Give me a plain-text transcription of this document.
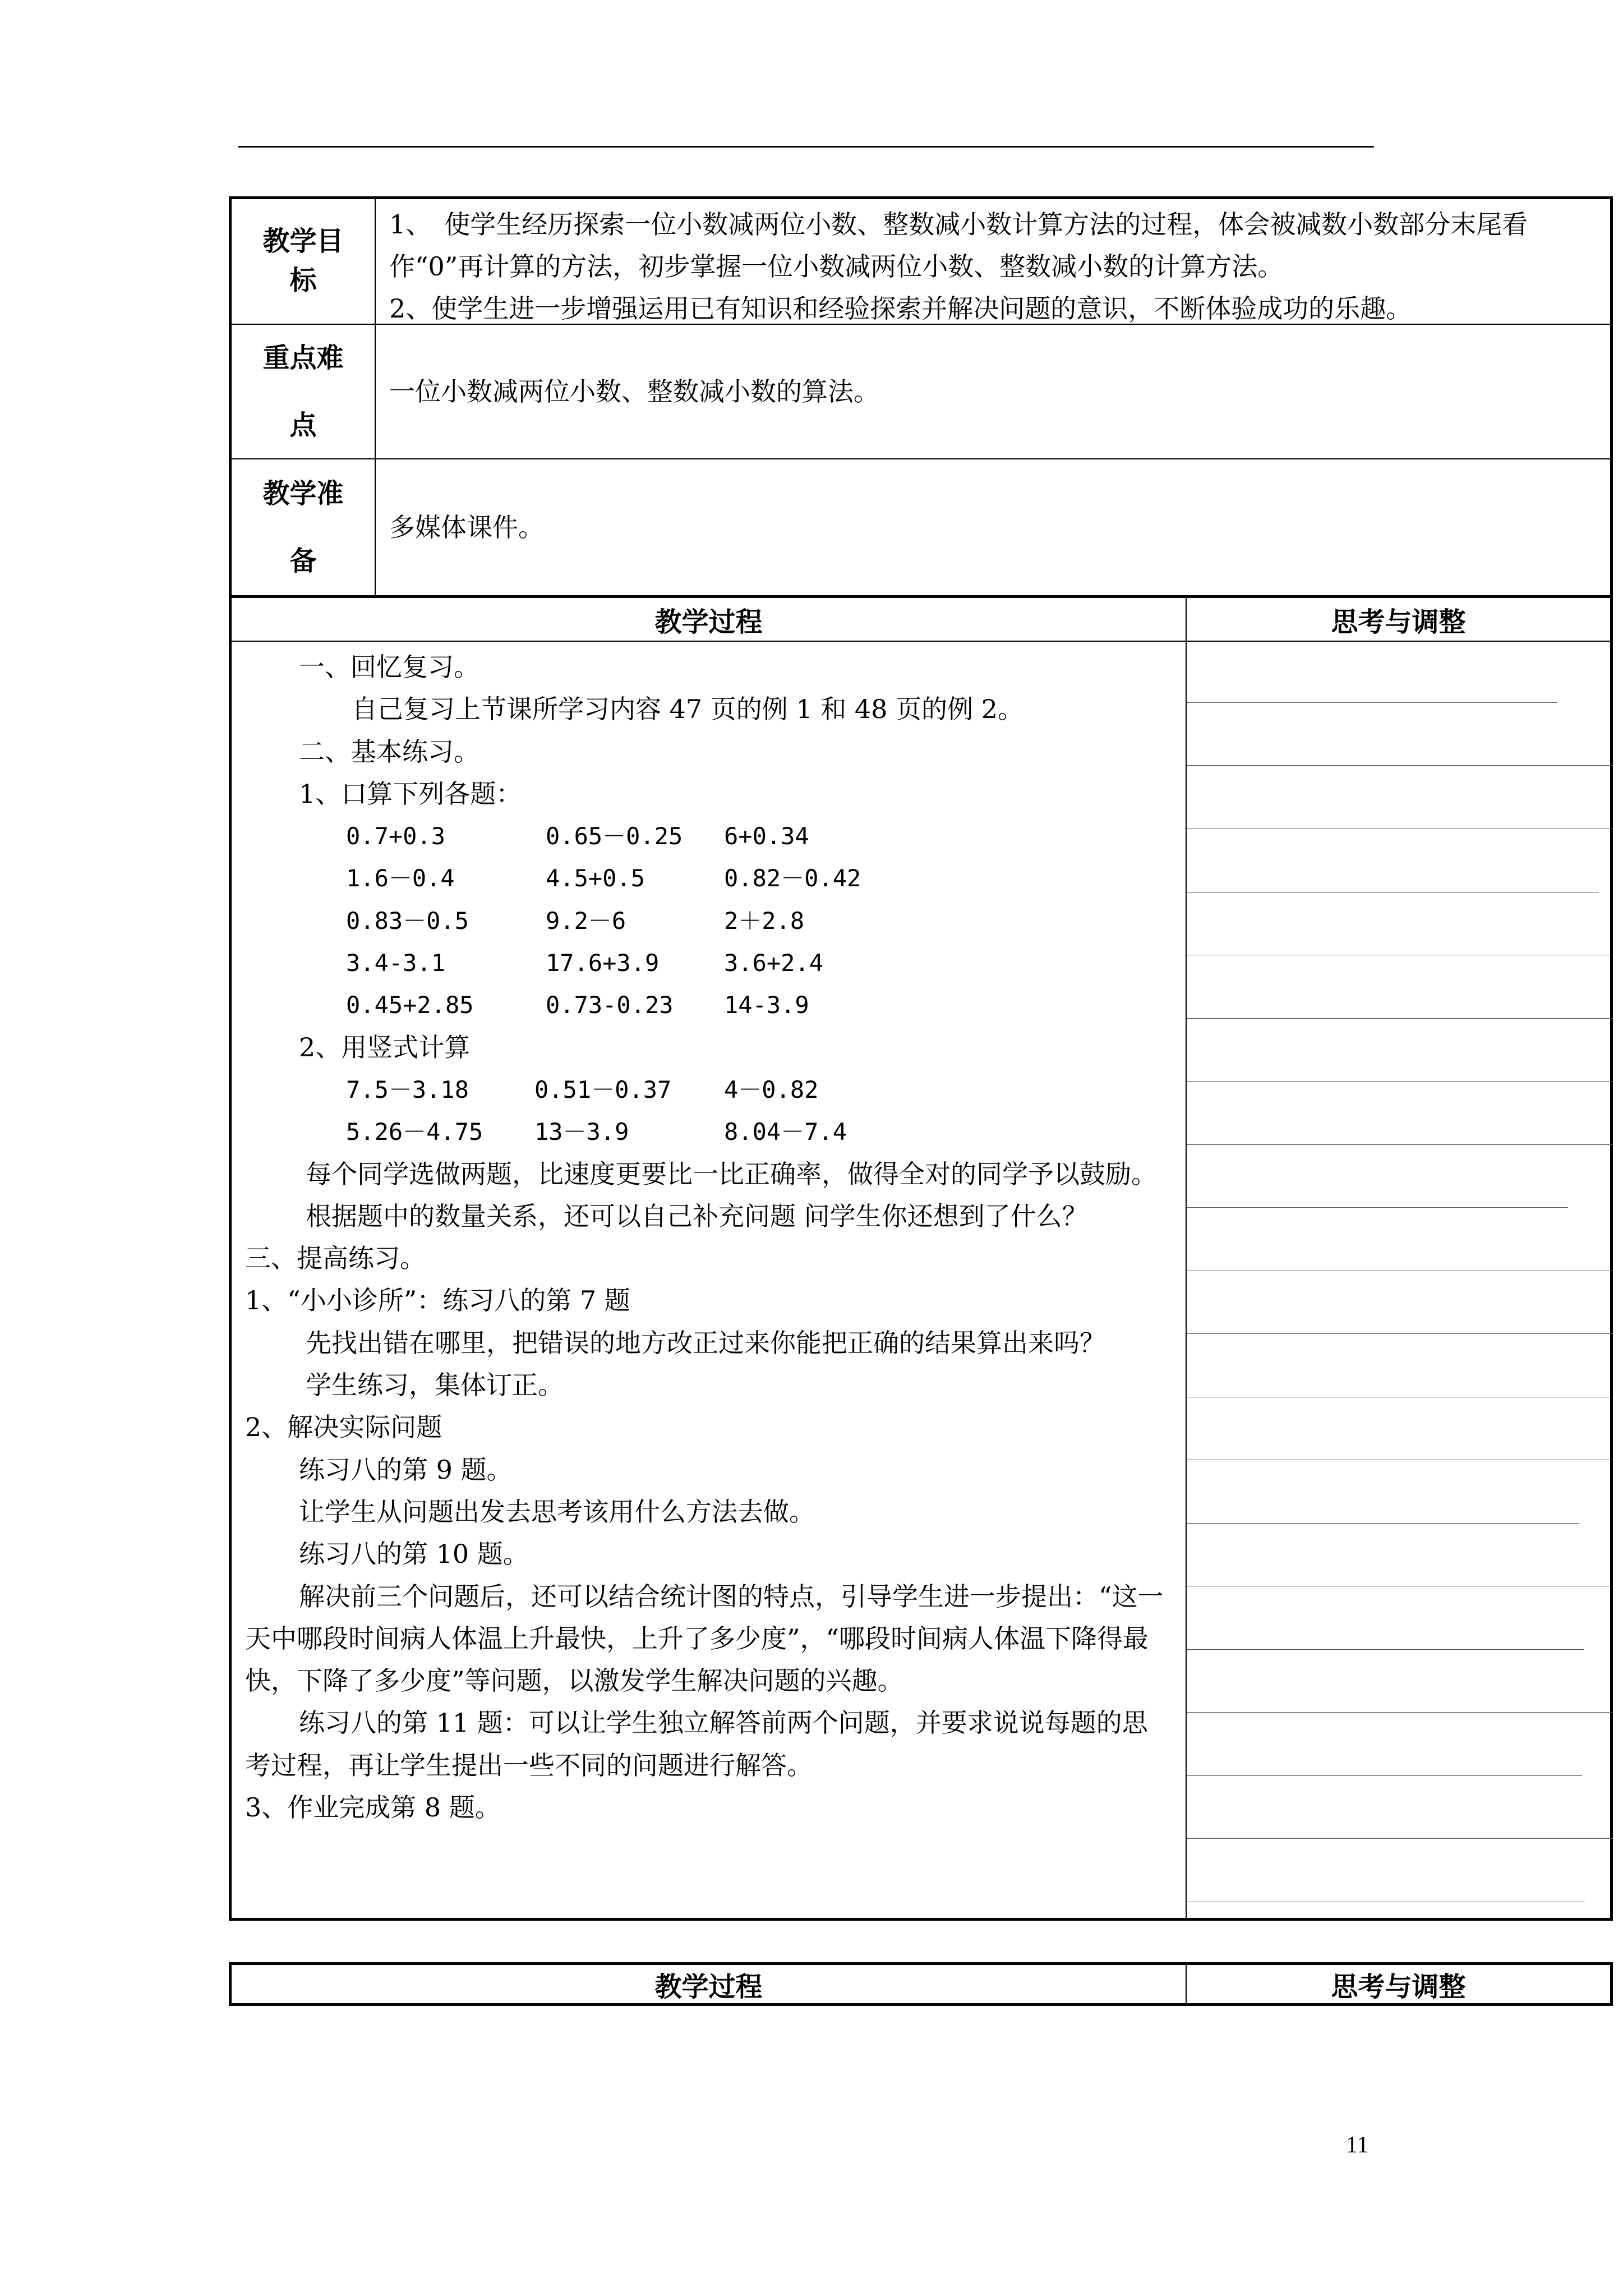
教学目标
1、　使学生经历探索一位小数减两位小数、整数减小数计算方法的过程，体会被减数小数部分末尾看作“0”再计算的方法，初步掌握一位小数减两位小数、整数减小数的计算方法。
2、使学生进一步增强运用已有知识和经验探索并解决问题的意识，不断体验成功的乐趣。
重点难点
一位小数减两位小数、整数减小数的算法。
教学准备
多媒体课件。
教学过程	思考与调整
一、回忆复习。
自己复习上节课所学习内容 47 页的例 1 和 48 页的例 2。
二、基本练习。
1、口算下列各题：
0.7+0.3	0.65－0.25	6+0.34
1.6－0.4	4.5+0.5	0.82－0.42
0.83－0.5	9.2－6	2＋2.8
3.4-3.1	17.6+3.9	3.6+2.4
0.45+2.85	0.73-0.23	14-3.9
2、用竖式计算
7.5－3.18	0.51－0.37	4－0.82
5.26－4.75	13－3.9	8.04－7.4
每个同学选做两题，比速度更要比一比正确率，做得全对的同学予以鼓励。
根据题中的数量关系，还可以自己补充问题 问学生你还想到了什么？
三、提高练习。
1、“小小诊所”：练习八的第 7 题
先找出错在哪里，把错误的地方改正过来你能把正确的结果算出来吗？
学生练习，集体订正。
2、解决实际问题
练习八的第 9 题。
让学生从问题出发去思考该用什么方法去做。
练习八的第 10 题。
解决前三个问题后，还可以结合统计图的特点，引导学生进一步提出：“这一天中哪段时间病人体温上升最快，上升了多少度”，“哪段时间病人体温下降得最快，下降了多少度”等问题，以激发学生解决问题的兴趣。
练习八的第 11 题：可以让学生独立解答前两个问题，并要求说说每题的思考过程，再让学生提出一些不同的问题进行解答。
3、作业完成第 8 题。
教学过程	思考与调整
11
